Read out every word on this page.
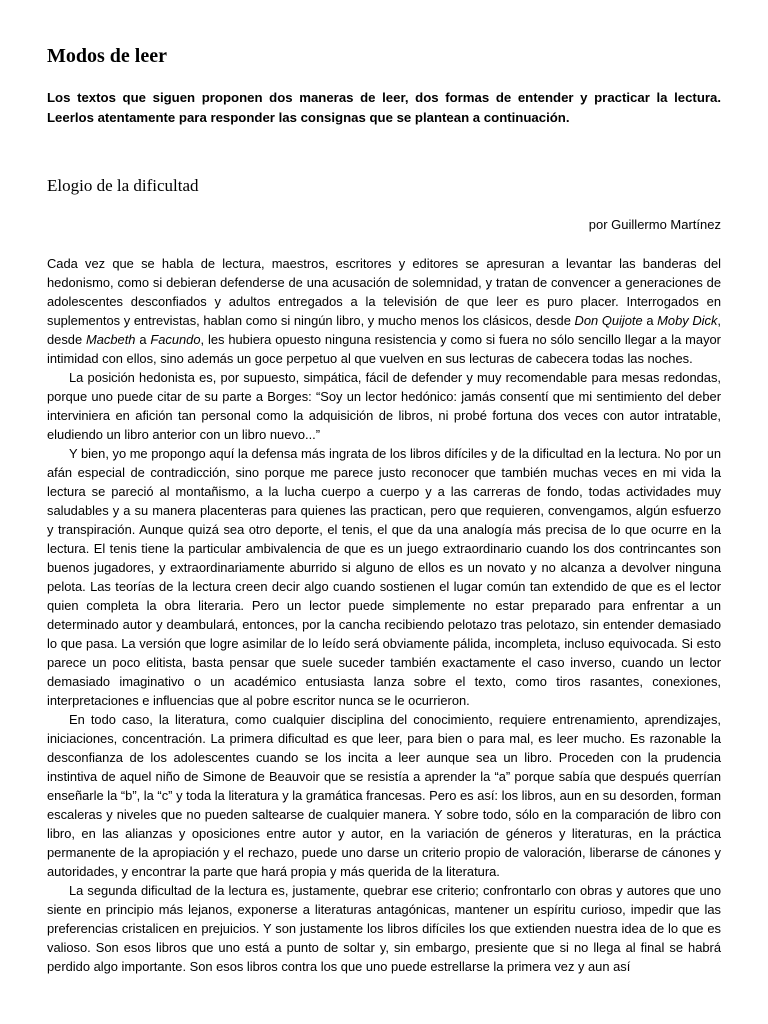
Modos de leer

Los textos que siguen proponen dos maneras de leer, dos formas de entender y practicar la lectura. Leerlos atentamente para responder las consignas que se plantean a continuación.

Elogio de la dificultad

por Guillermo Martínez

Cada vez que se habla de lectura, maestros, escritores y editores se apresuran a levantar las banderas del hedonismo, como si debieran defenderse de una acusación de solemnidad, y tratan de convencer a generaciones de adolescentes desconfiados y adultos entregados a la televisión de que leer es puro placer. Interrogados en suplementos y entrevistas, hablan como si ningún libro, y mucho menos los clásicos, desde Don Quijote a Moby Dick, desde Macbeth a Facundo, les hubiera opuesto ninguna resistencia y como si fuera no sólo sencillo llegar a la mayor intimidad con ellos, sino además un goce perpetuo al que vuelven en sus lecturas de cabecera todas las noches.

La posición hedonista es, por supuesto, simpática, fácil de defender y muy recomendable para mesas redondas, porque uno puede citar de su parte a Borges: “Soy un lector hedónico: jamás consentí que mi sentimiento del deber interviniera en afición tan personal como la adquisición de libros, ni probé fortuna dos veces con autor intratable, eludiendo un libro anterior con un libro nuevo...”

Y bien, yo me propongo aquí la defensa más ingrata de los libros difíciles y de la dificultad en la lectura. No por un afán especial de contradicción, sino porque me parece justo reconocer que también muchas veces en mi vida la lectura se pareció al montañismo, a la lucha cuerpo a cuerpo y a las carreras de fondo, todas actividades muy saludables y a su manera placenteras para quienes las practican, pero que requieren, convengamos, algún esfuerzo y transpiración. Aunque quizá sea otro deporte, el tenis, el que da una analogía más precisa de lo que ocurre en la lectura. El tenis tiene la particular ambivalencia de que es un juego extraordinario cuando los dos contrincantes son buenos jugadores, y extraordinariamente aburrido si alguno de ellos es un novato y no alcanza a devolver ninguna pelota. Las teorías de la lectura creen decir algo cuando sostienen el lugar común tan extendido de que es el lector quien completa la obra literaria. Pero un lector puede simplemente no estar preparado para enfrentar a un determinado autor y deambulará, entonces, por la cancha recibiendo pelotazo tras pelotazo, sin entender demasiado lo que pasa. La versión que logre asimilar de lo leído será obviamente pálida, incompleta, incluso equivocada. Si esto parece un poco elitista, basta pensar que suele suceder también exactamente el caso inverso, cuando un lector demasiado imaginativo o un académico entusiasta lanza sobre el texto, como tiros rasantes, conexiones, interpretaciones e influencias que al pobre escritor nunca se le ocurrieron.

En todo caso, la literatura, como cualquier disciplina del conocimiento, requiere entrenamiento, aprendizajes, iniciaciones, concentración. La primera dificultad es que leer, para bien o para mal, es leer mucho. Es razonable la desconfianza de los adolescentes cuando se los incita a leer aunque sea un libro. Proceden con la prudencia instintiva de aquel niño de Simone de Beauvoir que se resistía a aprender la “a” porque sabía que después querrían enseñarle la “b”, la “c” y toda la literatura y la gramática francesas. Pero es así: los libros, aun en su desorden, forman escaleras y niveles que no pueden saltearse de cualquier manera. Y sobre todo, sólo en la comparación de libro con libro, en las alianzas y oposiciones entre autor y autor, en la variación de géneros y literaturas, en la práctica permanente de la apropiación y el rechazo, puede uno darse un criterio propio de valoración, liberarse de cánones y autoridades, y encontrar la parte que hará propia y más querida de la literatura.

La segunda dificultad de la lectura es, justamente, quebrar ese criterio; confrontarlo con obras y autores que uno siente en principio más lejanos, exponerse a literaturas antagónicas, mantener un espíritu curioso, impedir que las preferencias cristalicen en prejuicios. Y son justamente los libros difíciles los que extienden nuestra idea de lo que es valioso. Son esos libros que uno está a punto de soltar y, sin embargo, presiente que si no llega al final se habrá perdido algo importante. Son esos libros contra los que uno puede estrellarse la primera vez y aun así
